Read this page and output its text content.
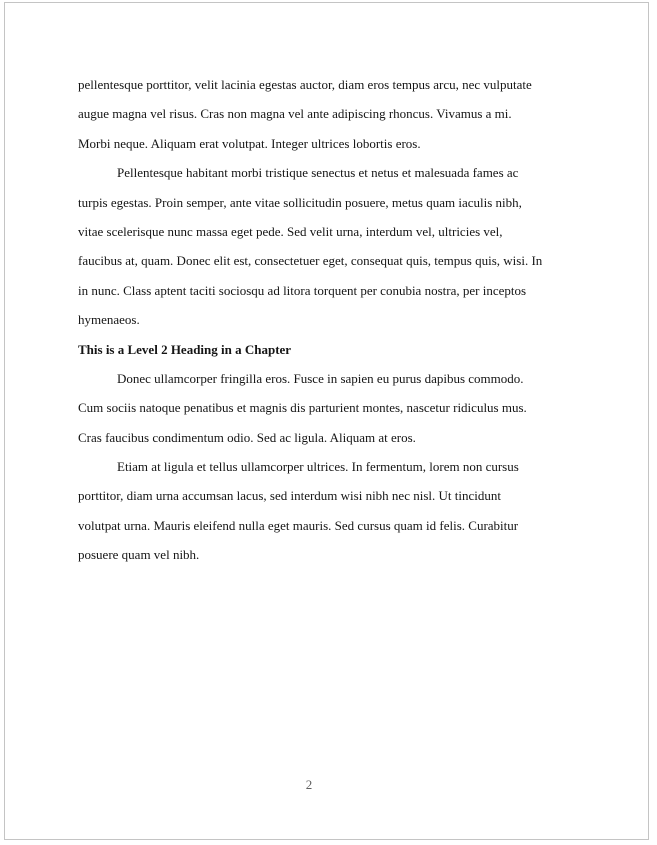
pellentesque porttitor, velit lacinia egestas auctor, diam eros tempus arcu, nec vulputate
augue magna vel risus. Cras non magna vel ante adipiscing rhoncus. Vivamus a mi.
Morbi neque. Aliquam erat volutpat. Integer ultrices lobortis eros.
Pellentesque habitant morbi tristique senectus et netus et malesuada fames ac
turpis egestas. Proin semper, ante vitae sollicitudin posuere, metus quam iaculis nibh,
vitae scelerisque nunc massa eget pede. Sed velit urna, interdum vel, ultricies vel,
faucibus at, quam. Donec elit est, consectetuer eget, consequat quis, tempus quis, wisi. In
in nunc. Class aptent taciti sociosqu ad litora torquent per conubia nostra, per inceptos
hymenaeos.
This is a Level 2 Heading in a Chapter
Donec ullamcorper fringilla eros. Fusce in sapien eu purus dapibus commodo.
Cum sociis natoque penatibus et magnis dis parturient montes, nascetur ridiculus mus.
Cras faucibus condimentum odio. Sed ac ligula. Aliquam at eros.
Etiam at ligula et tellus ullamcorper ultrices. In fermentum, lorem non cursus
porttitor, diam urna accumsan lacus, sed interdum wisi nibh nec nisl. Ut tincidunt
volutpat urna. Mauris eleifend nulla eget mauris. Sed cursus quam id felis. Curabitur
posuere quam vel nibh.
2
